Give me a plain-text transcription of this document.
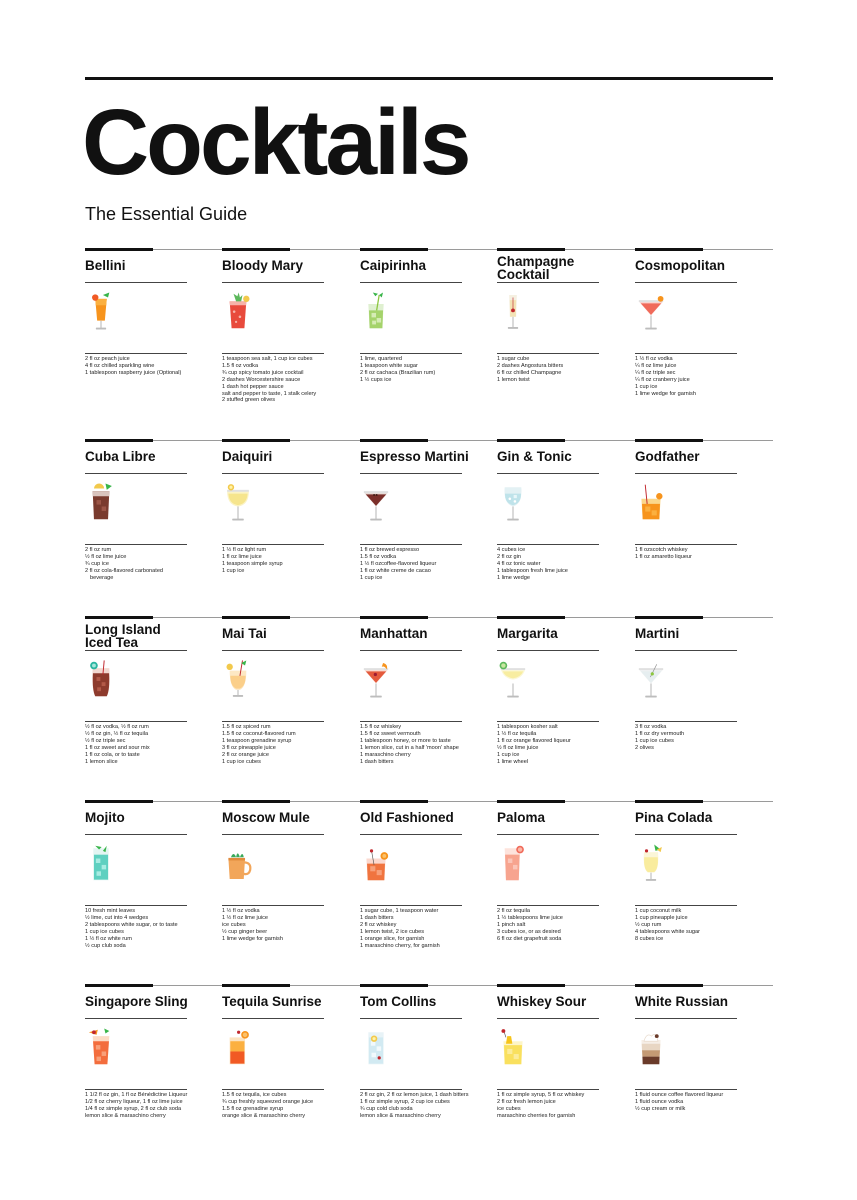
Cocktails
The Essential Guide
Bellini
2 fl oz peach juice
4 fl oz chilled sparkling wine
1 tablespoon raspberry juice (Optional)
Bloody Mary
1 teaspoon sea salt, 1 cup ice cubes
1.5 fl oz vodka
¾ cup spicy tomato juice cocktail
2 dashes Worcestershire sauce
1 dash hot pepper sauce
salt and pepper to taste, 1 stalk celery
2 stuffed green olives
Caipirinha
1 lime, quartered
1 teaspoon white sugar
2 fl oz cachaca (Brazilian rum)
1 ½ cups ice
Champagne
Cocktail
1 sugar cube
2 dashes Angostura bitters
6 fl oz chilled Champagne
1 lemon twist
Cosmopolitan
1 ½ fl oz vodka
¼ fl oz lime juice
¼ fl oz triple sec
¼ fl oz cranberry juice
1 cup ice
1 lime wedge for garnish
Cuba Libre
2 fl oz rum
½ fl oz lime juice
¾ cup ice
2 fl oz cola-flavored carbonated
beverage
Daiquiri
1 ½ fl oz light rum
1 fl oz lime juice
1 teaspoon simple syrup
1 cup ice
Espresso Martini
1 fl oz brewed espresso
1.5 fl oz vodka
1 ½ fl ozcoffee-flavored liqueur
1 fl oz white creme de cacao
1 cup ice
Gin & Tonic
4 cubes ice
2 fl oz gin
4 fl oz tonic water
1 tablespoon fresh lime juice
1 lime wedge
Godfather
1 fl ozscotch whiskey
1 fl oz amaretto liqueur
Long Island
Iced Tea
½ fl oz vodka, ½ fl oz rum
½ fl oz gin, ½ fl oz tequila
½ fl oz triple sec
1 fl oz sweet and sour mix
1 fl oz cola, or to taste
1 lemon slice
Mai Tai
1.5 fl oz spiced rum
1.5 fl oz coconut-flavored rum
1 teaspoon grenadine syrup
3 fl oz pineapple juice
2 fl oz orange juice
1 cup ice cubes
Manhattan
1.5 fl oz whiskey
1.5 fl oz sweet vermouth
1 tablespoon honey, or more to taste
1 lemon slice, cut in a half 'moon' shape
1 maraschino cherry
1 dash bitters
Margarita
1 tablespoon kosher salt
1 ½ fl oz tequila
1 fl oz orange flavored liqueur
½ fl oz lime juice
1 cup ice
1 lime wheel
Martini
3 fl oz vodka
1 fl oz dry vermouth
1 cup ice cubes
2 olives
Mojito
10 fresh mint leaves
½ lime, cut into 4 wedges
2 tablespoons white sugar, or to taste
1 cup ice cubes
1 ½ fl oz white rum
½ cup club soda
Moscow Mule
1 ½ fl oz vodka
1 ½ fl oz lime juice
ice cubes
½ cup ginger beer
1 lime wedge for garnish
Old Fashioned
1 sugar cube, 1 teaspoon water
1 dash bitters
2 fl oz whiskey
1 lemon twist, 2 ice cubes
1 orange slice, for garnish
1 maraschino cherry, for garnish
Paloma
2 fl oz tequila
1 ½ tablespoons lime juice
1 pinch salt
3 cubes ice, or as desired
6 fl oz diet grapefruit soda
Pina Colada
1 cup coconut milk
1 cup pineapple juice
½ cup rum
4 tablespoons white sugar
8 cubes ice
Singapore Sling
1 1/2 fl oz gin, 1 fl oz Bénédictine Liqueur
1/2 fl oz cherry liqueur, 1 fl oz lime juice
1/4 fl oz simple syrup, 2 fl oz club soda
lemon slice & maraschino cherry
Tequila Sunrise
1.5 fl oz tequila, ice cubes
¾ cup freshly squeezed orange juice
1.5 fl oz grenadine syrup
orange slice & maraschino cherry
Tom Collins
2 fl oz gin, 2 fl oz lemon juice, 1 dash bitters
1 fl oz simple syrup, 2 cup ice cubes
¾ cup cold club soda
lemon slice & maraschino cherry
Whiskey Sour
1 fl oz simple syrup, 5 fl oz whiskey
2 fl oz fresh lemon juice
ice cubes
maraschino cherries for garnish
White Russian
1 fluid ounce coffee flavored liqueur
1 fluid ounce vodka
½ cup cream or milk
